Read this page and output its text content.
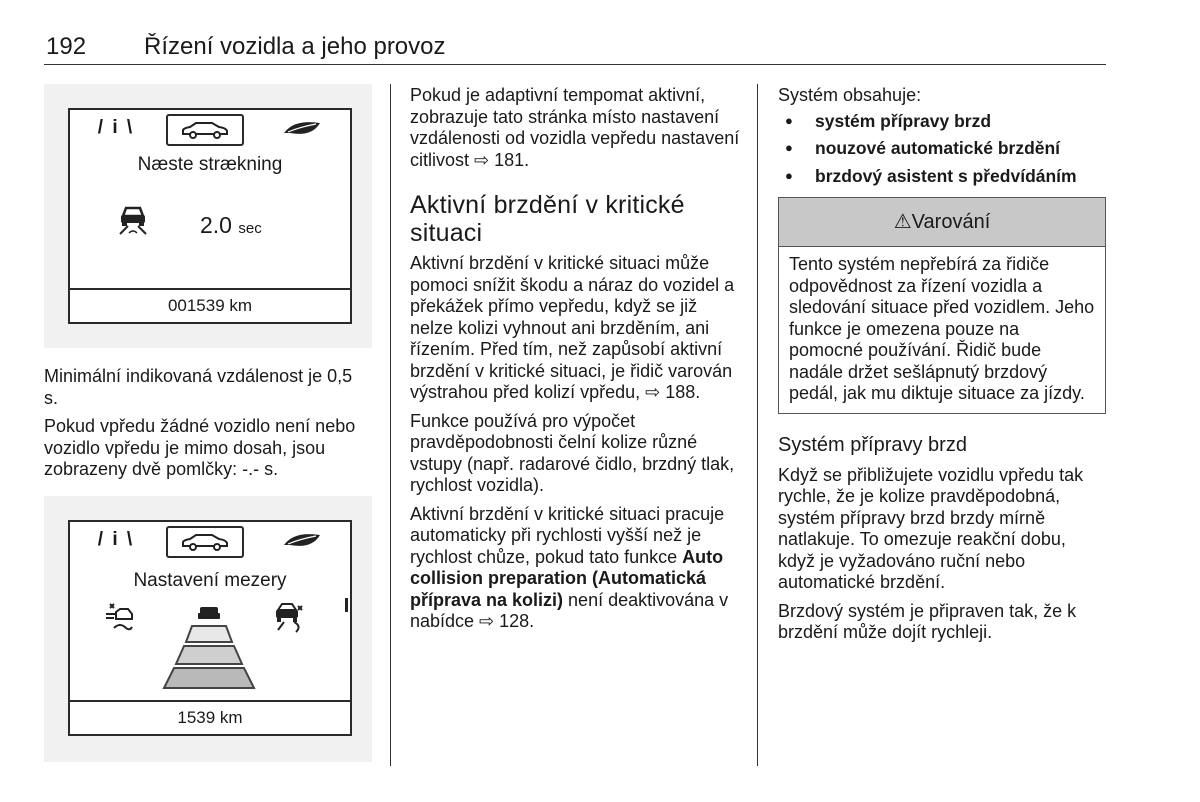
192 Řízení vozidla a jeho provoz
/ i \
Næste strækning
2.0 sec
001539 km

Minimální indikovaná vzdálenost je 0,5 s.

Pokud vpředu žádné vozidlo není nebo vozidlo vpředu je mimo dosah, jsou zobrazeny dvě pomlčky: -.- s.

/ i \
Nastavení mezery
1539 km

Pokud je adaptivní tempomat aktivní, zobrazuje tato stránka místo nastavení vzdálenosti od vozidla vepředu nastavení citlivost ⇨ 181.

Aktivní brzdění v kritické situaci

Aktivní brzdění v kritické situaci může pomoci snížit škodu a náraz do vozidel a překážek přímo vepředu, když se již nelze kolizi vyhnout ani brzděním, ani řízením. Před tím, než zapůsobí aktivní brzdění v kritické situaci, je řidič varován výstrahou před kolizí vpředu, ⇨ 188.

Funkce používá pro výpočet pravděpodobnosti čelní kolize různé vstupy (např. radarové čidlo, brzdný tlak, rychlost vozidla).

Aktivní brzdění v kritické situaci pracuje automaticky při rychlosti vyšší než je rychlost chůze, pokud tato funkce Auto collision preparation (Automatická příprava na kolizi) není deaktivována v nabídce ⇨ 128.

Systém obsahuje:

● systém přípravy brzd
● nouzové automatické brzdění
● brzdový asistent s předvídáním
⚠Varování
Tento systém nepřebírá za řidiče odpovědnost za řízení vozidla a sledování situace před vozidlem. Jeho funkce je omezena pouze na pomocné používání. Řidič bude nadále držet sešlápnutý brzdový pedál, jak mu diktuje situace za jízdy.
Systém přípravy brzd

Když se přibližujete vozidlu vpředu tak rychle, že je kolize pravděpodobná, systém přípravy brzd brzdy mírně natlakuje. To omezuje reakční dobu, když je vyžadováno ruční nebo automatické brzdění.

Brzdový systém je připraven tak, že k brzdění může dojít rychleji.
